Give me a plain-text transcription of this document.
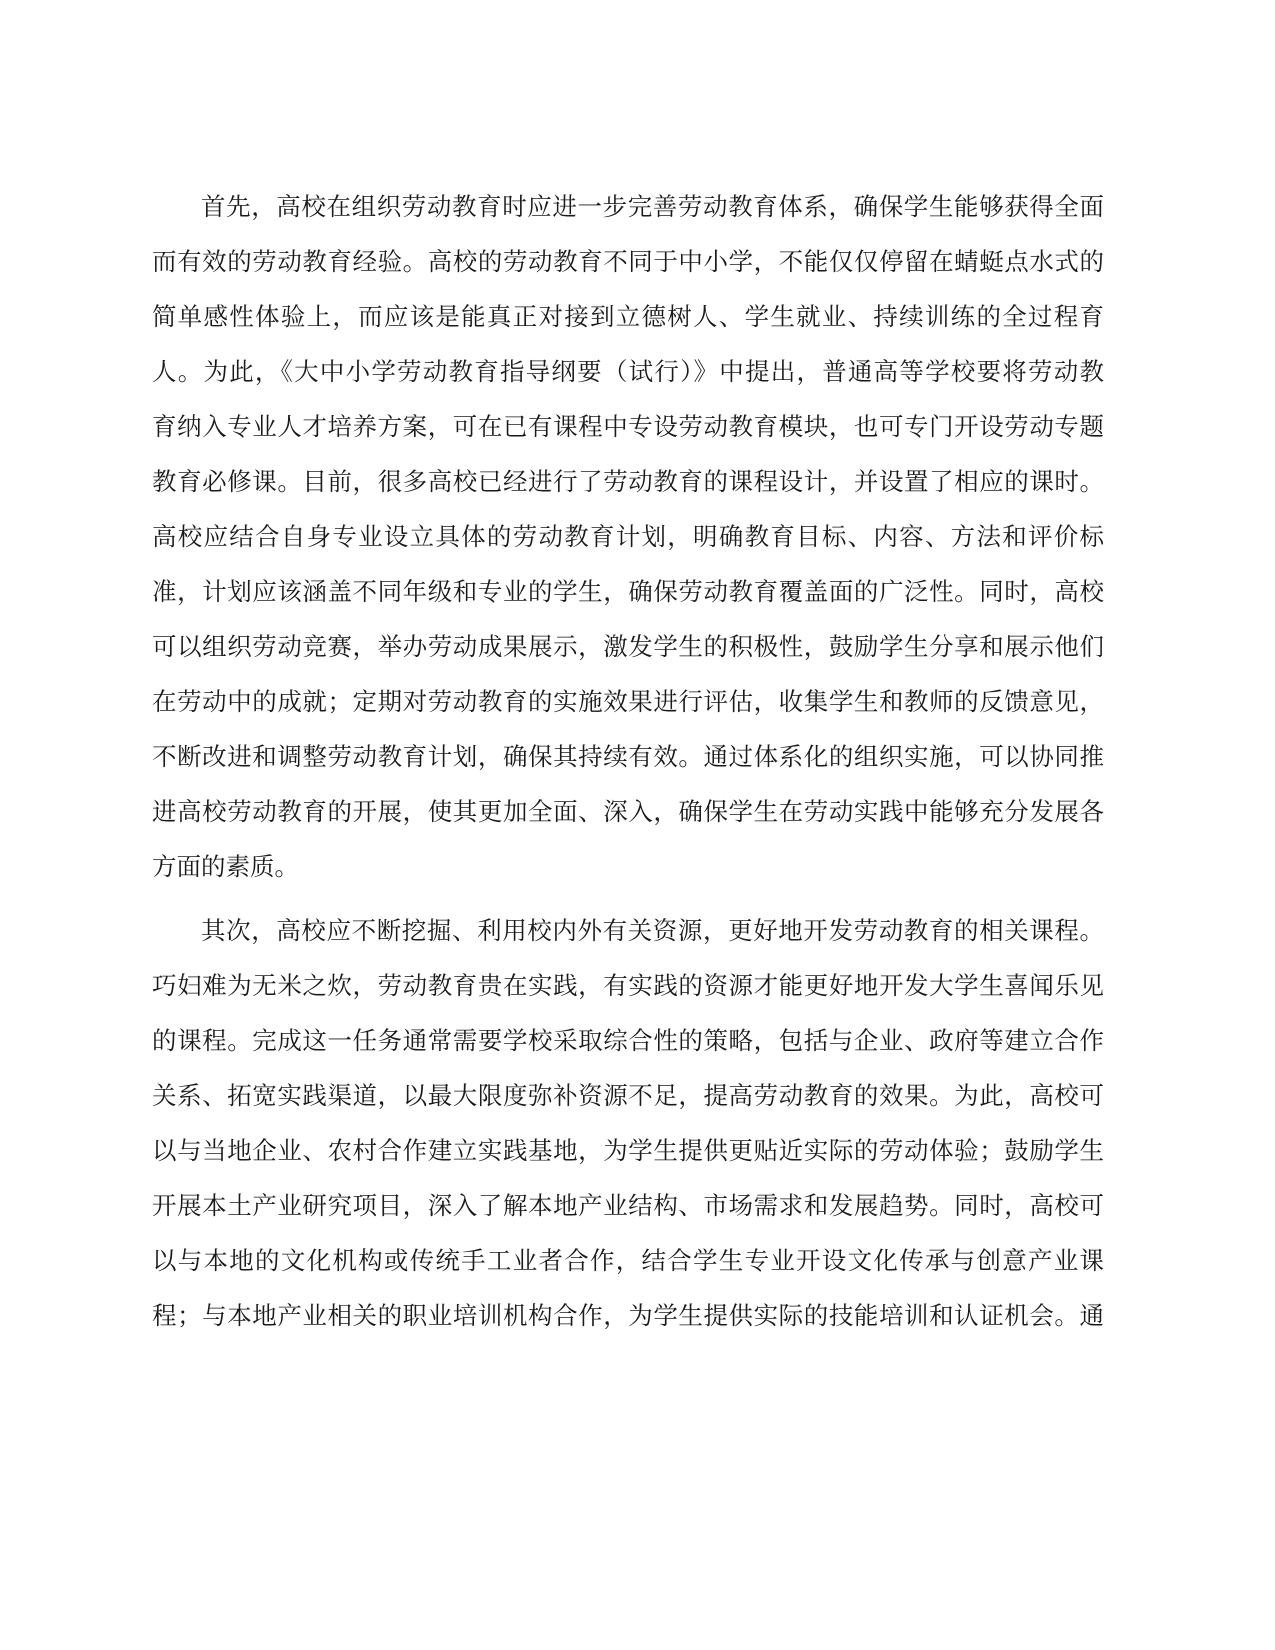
首先，高校在组织劳动教育时应进一步完善劳动教育体系，确保学生能够获得全面
而有效的劳动教育经验。高校的劳动教育不同于中小学，不能仅仅停留在蜻蜓点水式的
简单感性体验上，而应该是能真正对接到立德树人、学生就业、持续训练的全过程育
人。为此，《大中小学劳动教育指导纲要（试行）》中提出，普通高等学校要将劳动教
育纳入专业人才培养方案，可在已有课程中专设劳动教育模块，也可专门开设劳动专题
教育必修课。目前，很多高校已经进行了劳动教育的课程设计，并设置了相应的课时。
高校应结合自身专业设立具体的劳动教育计划，明确教育目标、内容、方法和评价标
准，计划应该涵盖不同年级和专业的学生，确保劳动教育覆盖面的广泛性。同时，高校
可以组织劳动竞赛，举办劳动成果展示，激发学生的积极性，鼓励学生分享和展示他们
在劳动中的成就；定期对劳动教育的实施效果进行评估，收集学生和教师的反馈意见，
不断改进和调整劳动教育计划，确保其持续有效。通过体系化的组织实施，可以协同推
进高校劳动教育的开展，使其更加全面、深入，确保学生在劳动实践中能够充分发展各
方面的素质。
其次，高校应不断挖掘、利用校内外有关资源，更好地开发劳动教育的相关课程。
巧妇难为无米之炊，劳动教育贵在实践，有实践的资源才能更好地开发大学生喜闻乐见
的课程。完成这一任务通常需要学校采取综合性的策略，包括与企业、政府等建立合作
关系、拓宽实践渠道，以最大限度弥补资源不足，提高劳动教育的效果。为此，高校可
以与当地企业、农村合作建立实践基地，为学生提供更贴近实际的劳动体验；鼓励学生
开展本土产业研究项目，深入了解本地产业结构、市场需求和发展趋势。同时，高校可
以与本地的文化机构或传统手工业者合作，结合学生专业开设文化传承与创意产业课
程；与本地产业相关的职业培训机构合作，为学生提供实际的技能培训和认证机会。通
